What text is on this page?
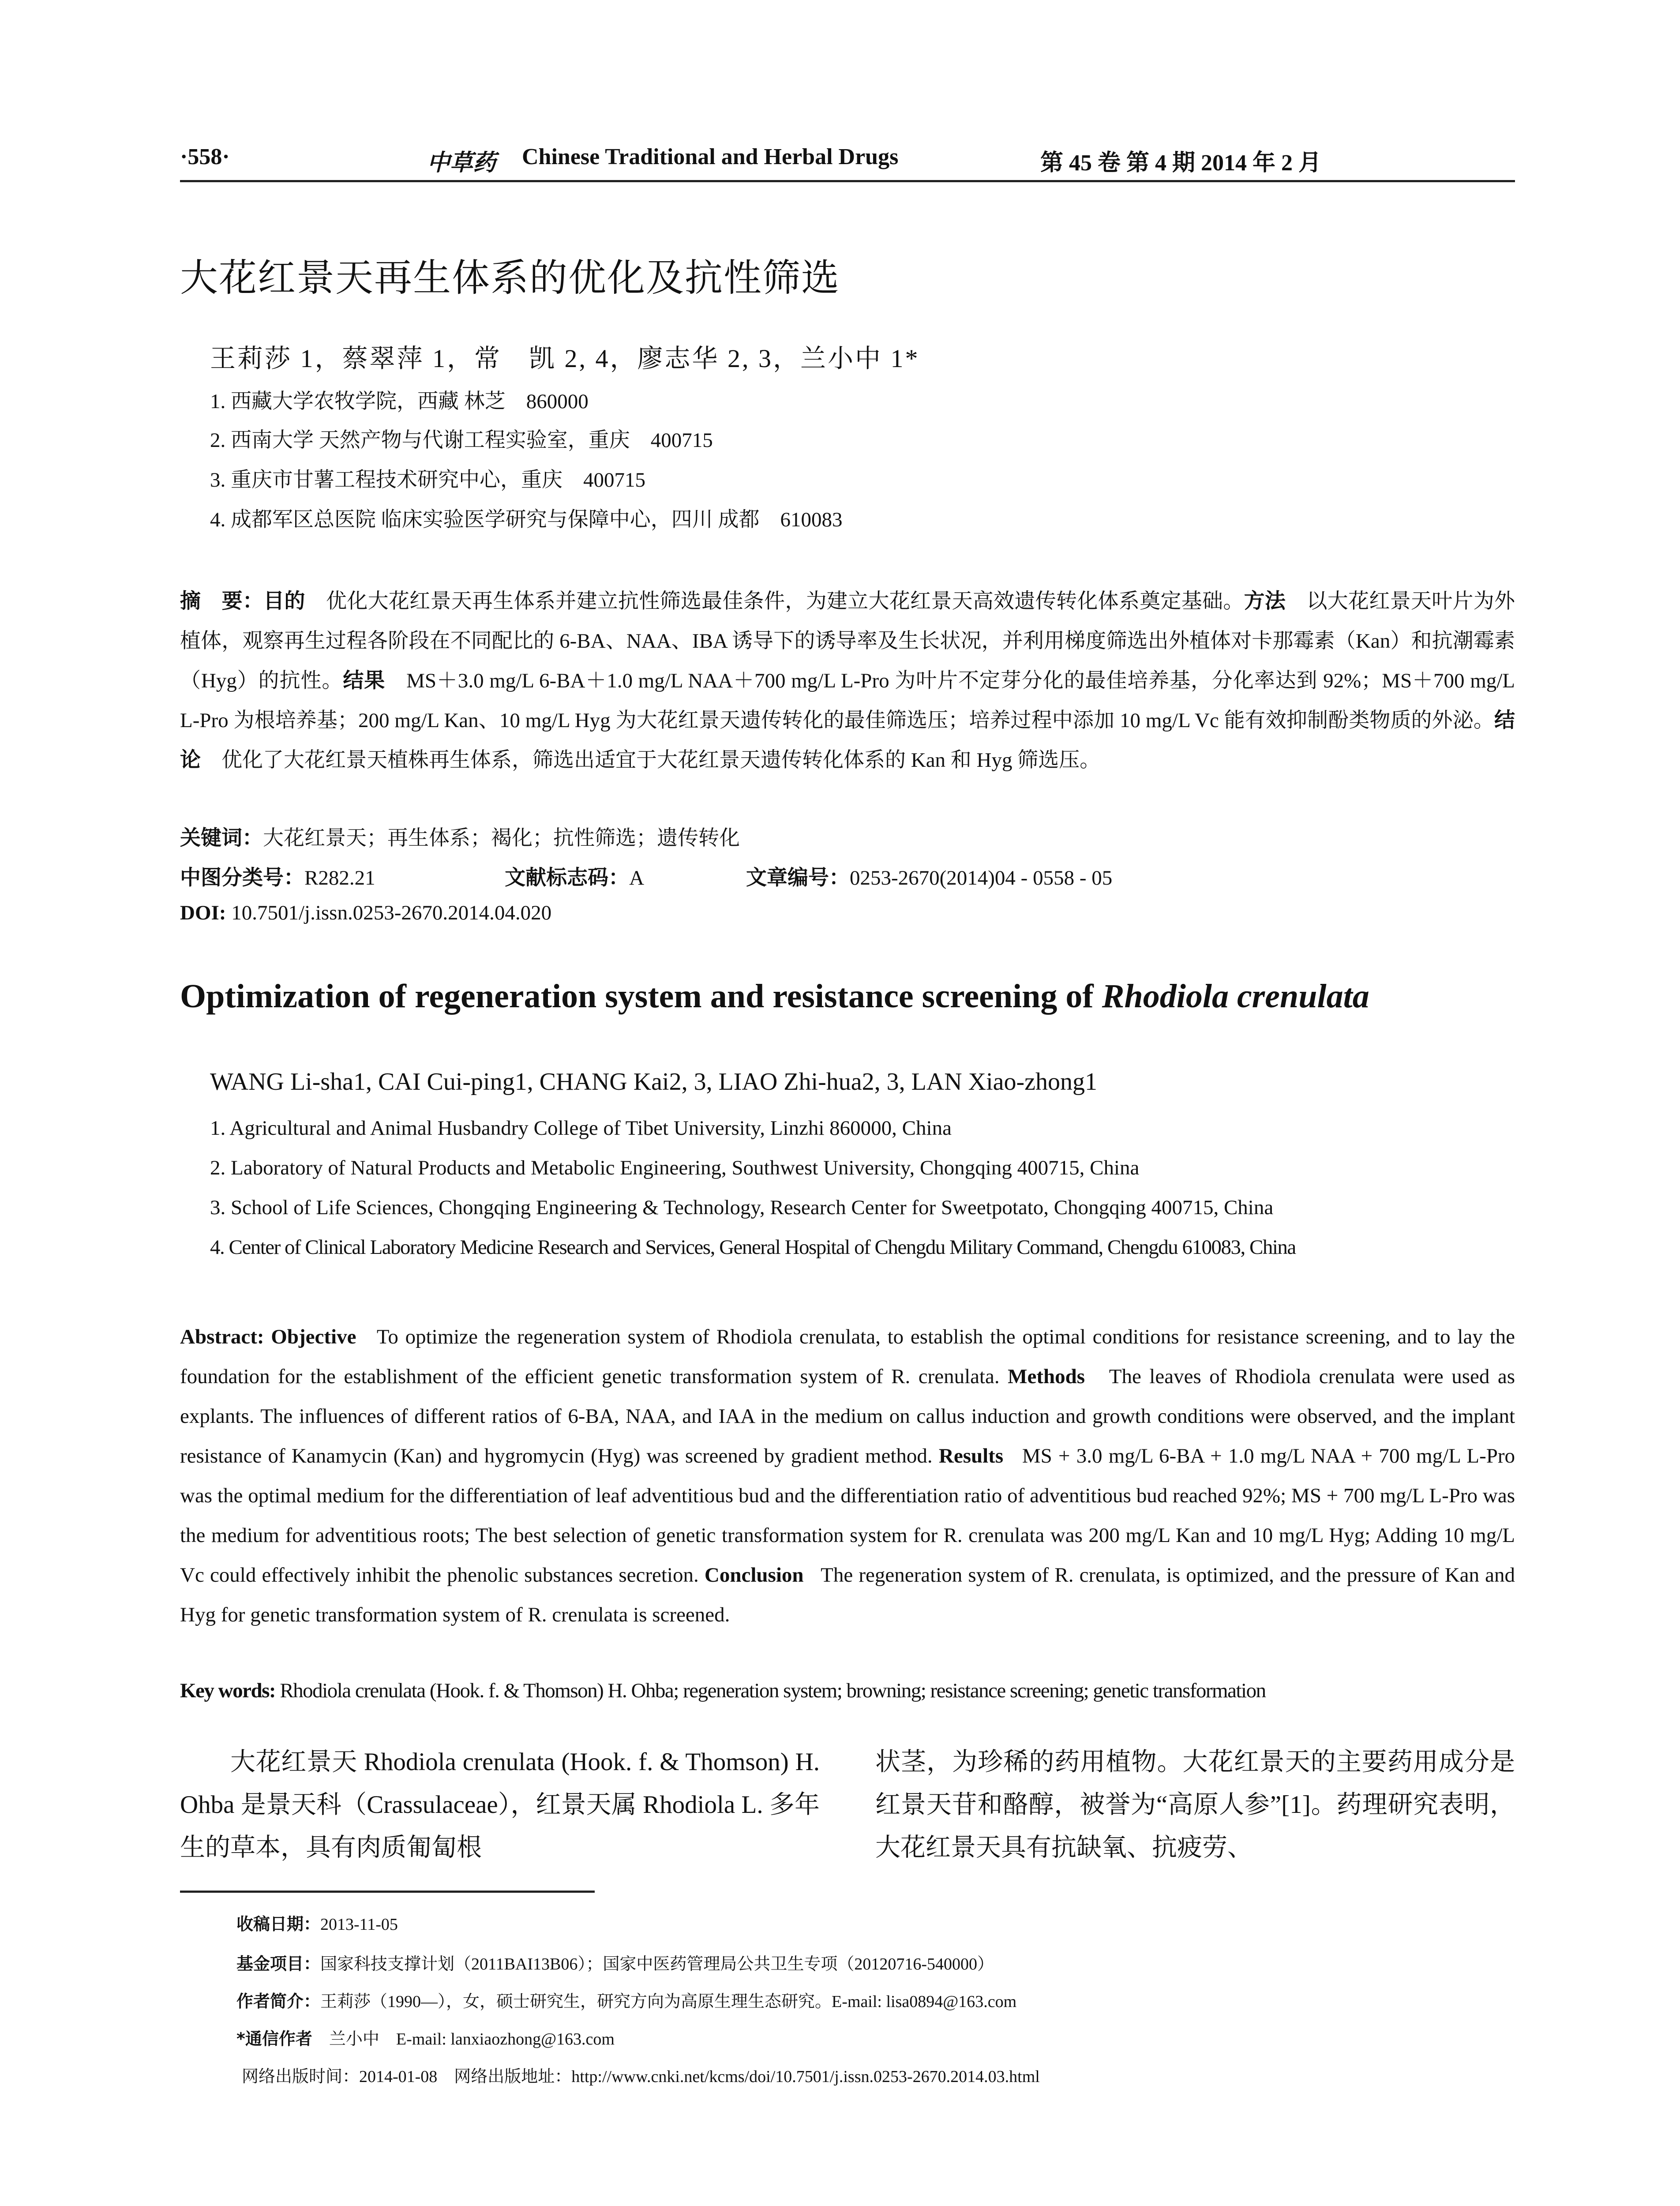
·558·	中草药 Chinese Traditional and Herbal Drugs	第 45 卷 第 4 期 2014 年 2 月
大花红景天再生体系的优化及抗性筛选
王莉莎 1，蔡翠萍 1，常　凯 2, 4，廖志华 2, 3，兰小中 1*
1. 西藏大学农牧学院，西藏 林芝　860000
2. 西南大学 天然产物与代谢工程实验室，重庆　400715
3. 重庆市甘薯工程技术研究中心，重庆　400715
4. 成都军区总医院 临床实验医学研究与保障中心，四川 成都　610083
摘　要：目的　 优化大花红景天再生体系并建立抗性筛选最佳条件，为建立大花红景天高效遗传转化体系奠定基础。方法　 以大花红景天叶片为外植体，观察再生过程各阶段在不同配比的 6-BA、NAA、IBA 诱导下的诱导率及生长状况，并利用梯度筛选出外植体对卡那霉素（Kan）和抗潮霉素（Hyg）的抗性。结果　 MS＋3.0 mg/L 6-BA＋1.0 mg/L NAA＋700 mg/L L-Pro 为叶片不定芽分化的最佳培养基，分化率达到 92%；MS＋700 mg/L L-Pro 为根培养基；200 mg/L Kan、10 mg/L Hyg 为大花红景天遗传转化的最佳筛选压；培养过程中添加 10 mg/L Vc 能有效抑制酚类物质的外泌。结论　 优化了大花红景天植株再生体系，筛选出适宜于大花红景天遗传转化体系的 Kan 和 Hyg 筛选压。
关键词：大花红景天；再生体系；褐化；抗性筛选；遗传转化
中图分类号：R282.21	文献标志码：A	文章编号：0253-2670(2014)04 - 0558 - 05
DOI: 10.7501/j.issn.0253-2670.2014.04.020
Optimization of regeneration system and resistance screening of Rhodiola crenulata
WANG Li-sha1, CAI Cui-ping1, CHANG Kai2, 3, LIAO Zhi-hua2, 3, LAN Xiao-zhong1
1. Agricultural and Animal Husbandry College of Tibet University, Linzhi 860000, China
2. Laboratory of Natural Products and Metabolic Engineering, Southwest University, Chongqing 400715, China
3. School of Life Sciences, Chongqing Engineering & Technology, Research Center for Sweetpotato, Chongqing 400715, China
4. Center of Clinical Laboratory Medicine Research and Services, General Hospital of Chengdu Military Command, Chengdu 610083, China
Abstract: Objective To optimize the regeneration system of Rhodiola crenulata, to establish the optimal conditions for resistance screening, and to lay the foundation for the establishment of the efficient genetic transformation system of R. crenulata. Methods The leaves of Rhodiola crenulata were used as explants. The influences of different ratios of 6-BA, NAA, and IAA in the medium on callus induction and growth conditions were observed, and the implant resistance of Kanamycin (Kan) and hygromycin (Hyg) was screened by gradient method. Results MS + 3.0 mg/L 6-BA + 1.0 mg/L NAA + 700 mg/L L-Pro was the optimal medium for the differentiation of leaf adventitious bud and the differentiation ratio of adventitious bud reached 92%; MS + 700 mg/L L-Pro was the medium for adventitious roots; The best selection of genetic transformation system for R. crenulata was 200 mg/L Kan and 10 mg/L Hyg; Adding 10 mg/L Vc could effectively inhibit the phenolic substances secretion. Conclusion The regeneration system of R. crenulata, is optimized, and the pressure of Kan and Hyg for genetic transformation system of R. crenulata is screened.
Key words: Rhodiola crenulata (Hook. f. & Thomson) H. Ohba; regeneration system; browning; resistance screening; genetic transformation
大花红景天 Rhodiola crenulata (Hook. f. & Thomson) H. Ohba 是景天科（Crassulaceae），红景天属 Rhodiola L. 多年生的草本，具有肉质匍匐根
状茎，为珍稀的药用植物。大花红景天的主要药用成分是红景天苷和酪醇，被誉为“高原人参”[1]。药理研究表明，大花红景天具有抗缺氧、抗疲劳、
收稿日期：2013-11-05
基金项目：国家科技支撑计划（2011BAI13B06）；国家中医药管理局公共卫生专项（20120716-540000）
作者简介：王莉莎（1990—），女，硕士研究生，研究方向为高原生理生态研究。E-mail: lisa0894@163.com
*通信作者　 兰小中　E-mail: lanxiaozhong@163.com
网络出版时间：2014-01-08　网络出版地址：http://www.cnki.net/kcms/doi/10.7501/j.issn.0253-2670.2014.03.html
